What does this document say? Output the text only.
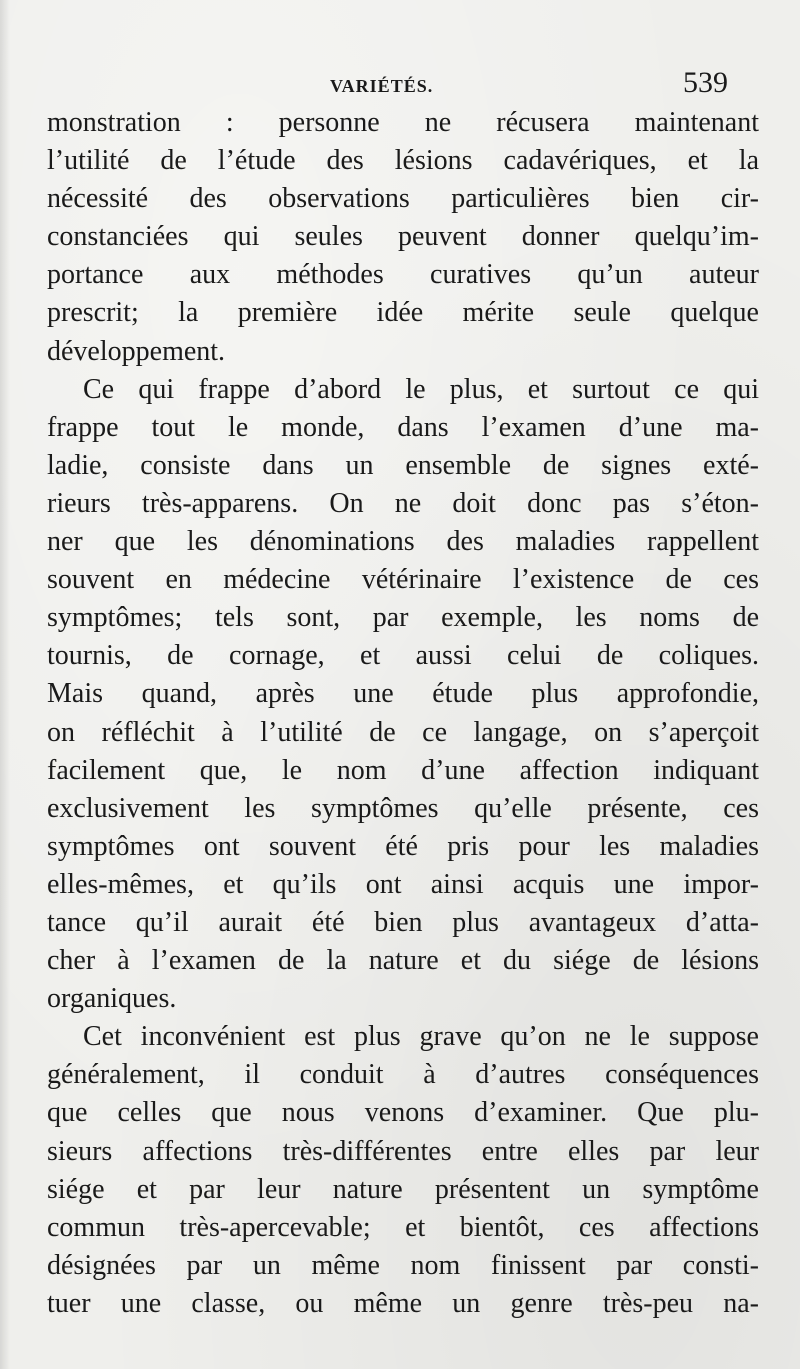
VARIÉTÉS.	539
monstration : personne ne récusera maintenant
l’utilité de l’étude des lésions cadavériques, et la
nécessité des observations particulières bien cir-
constanciées qui seules peuvent donner quelqu’im-
portance aux méthodes curatives qu’un auteur
prescrit; la première idée mérite seule quelque
développement.
Ce qui frappe d’abord le plus, et surtout ce qui
frappe tout le monde, dans l’examen d’une ma-
ladie, consiste dans un ensemble de signes exté-
rieurs très-apparens. On ne doit donc pas s’éton-
ner que les dénominations des maladies rappellent
souvent en médecine vétérinaire l’existence de ces
symptômes; tels sont, par exemple, les noms de
tournis, de cornage, et aussi celui de coliques.
Mais quand, après une étude plus approfondie,
on réfléchit à l’utilité de ce langage, on s’aperçoit
facilement que, le nom d’une affection indiquant
exclusivement les symptômes qu’elle présente, ces
symptômes ont souvent été pris pour les maladies
elles-mêmes, et qu’ils ont ainsi acquis une impor-
tance qu’il aurait été bien plus avantageux d’atta-
cher à l’examen de la nature et du siége de lésions
organiques.
Cet inconvénient est plus grave qu’on ne le suppose
généralement, il conduit à d’autres conséquences
que celles que nous venons d’examiner. Que plu-
sieurs affections très-différentes entre elles par leur
siége et par leur nature présentent un symptôme
commun très-apercevable; et bientôt, ces affections
désignées par un même nom finissent par consti-
tuer une classe, ou même un genre très-peu na-
